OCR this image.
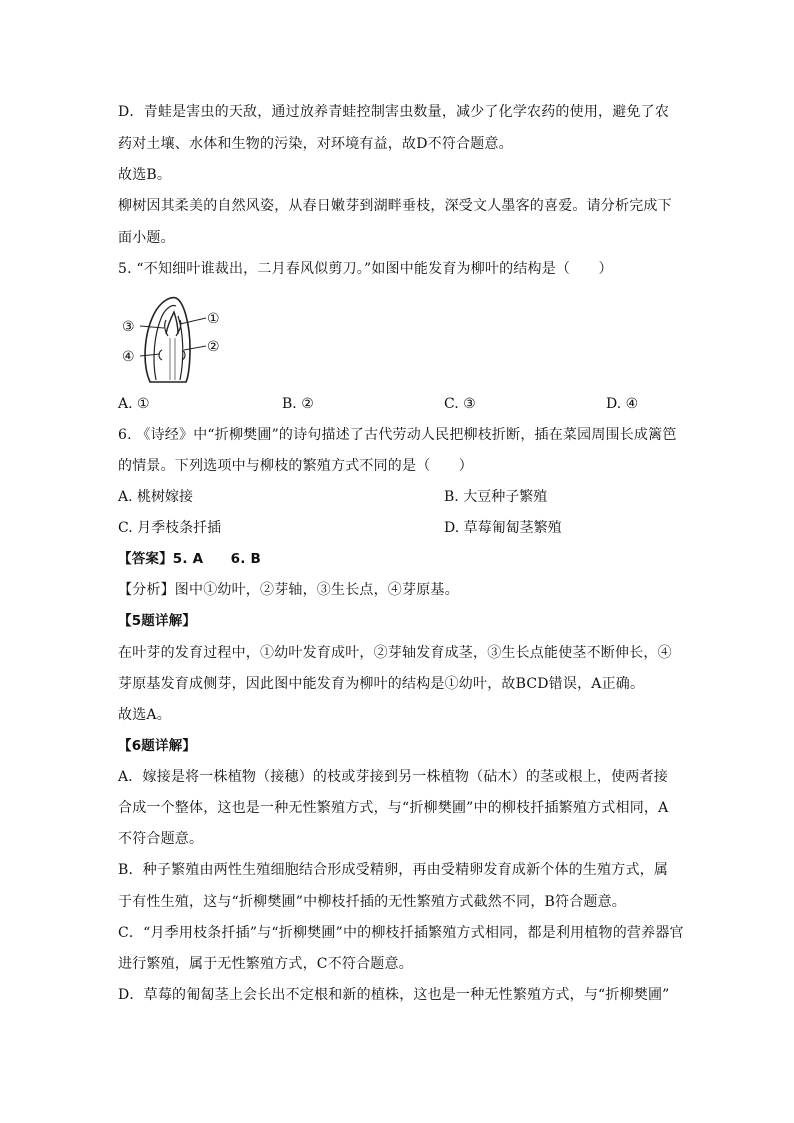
D．青蛙是害虫的天敌，通过放养青蛙控制害虫数量，减少了化学农药的使用，避免了农
药对土壤、水体和生物的污染，对环境有益，故D不符合题意。
故选B。
柳树因其柔美的自然风姿，从春日嫩芽到湖畔垂枝，深受文人墨客的喜爱。请分析完成下
面小题。
5. “不知细叶谁裁出，二月春风似剪刀。”如图中能发育为柳叶的结构是（　　）
①
②
③
④
A. ①	B. ②	C. ③	D. ④
6. 《诗经》中“折柳樊圃”的诗句描述了古代劳动人民把柳枝折断，插在菜园周围长成篱笆
的情景。下列选项中与柳枝的繁殖方式不同的是（　　）
A. 桃树嫁接	B. 大豆种子繁殖
C. 月季枝条扦插	D. 草莓匍匐茎繁殖
【答案】5. A　　6. B
【分析】图中①幼叶，②芽轴，③生长点，④芽原基。
【5题详解】
在叶芽的发育过程中，①幼叶发育成叶，②芽轴发育成茎，③生长点能使茎不断伸长，④
芽原基发育成侧芽，因此图中能发育为柳叶的结构是①幼叶，故BCD错误，A正确。
故选A。
【6题详解】
A．嫁接是将一株植物（接穗）的枝或芽接到另一株植物（砧木）的茎或根上，使两者接
合成一个整体，这也是一种无性繁殖方式，与“折柳樊圃”中的柳枝扦插繁殖方式相同，A
不符合题意。
B．种子繁殖由两性生殖细胞结合形成受精卵，再由受精卵发育成新个体的生殖方式，属
于有性生殖，这与“折柳樊圃”中柳枝扦插的无性繁殖方式截然不同，B符合题意。
C．“月季用枝条扦插”与“折柳樊圃”中的柳枝扦插繁殖方式相同，都是利用植物的营养器官
进行繁殖，属于无性繁殖方式，C不符合题意。
D．草莓的匍匐茎上会长出不定根和新的植株，这也是一种无性繁殖方式，与“折柳樊圃”
